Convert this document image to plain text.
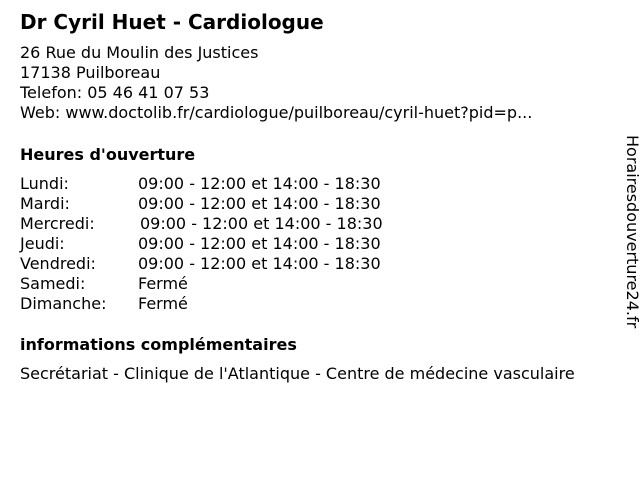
Dr Cyril Huet - Cardiologue
26 Rue du Moulin des Justices
17138 Puilboreau
Telefon: 05 46 41 07 53
Web: www.doctolib.fr/cardiologue/puilboreau/cyril-huet?pid=p...
Heures d'ouverture
Lundi:	09:00 - 12:00 et 14:00 - 18:30
Mardi:	09:00 - 12:00 et 14:00 - 18:30
Mercredi:	09:00 - 12:00 et 14:00 - 18:30
Jeudi:	09:00 - 12:00 et 14:00 - 18:30
Vendredi:	09:00 - 12:00 et 14:00 - 18:30
Samedi:	Fermé
Dimanche: Fermé
informations complémentaires
Secrétariat - Clinique de l'Atlantique - Centre de médecine vasculaire
Horairesdouverture24.fr
